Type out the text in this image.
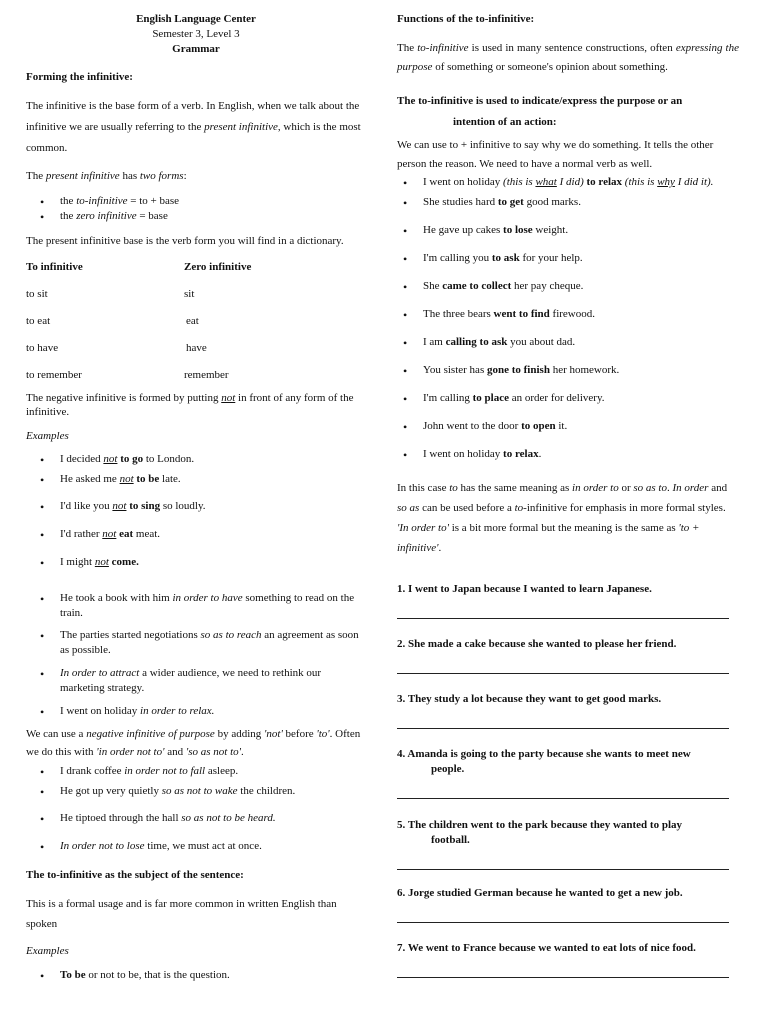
English Language Center

Semester 3, Level 3

Grammar

Forming the infinitive:

The infinitive is the base form of a verb. In English, when we talk about the infinitive we are usually referring to the present infinitive, which is the most common.

The present infinitive has two forms:

• the to-infinitive = to + base
• the zero infinitive = base

The present infinitive base is the verb form you will find in a dictionary.

To infinitive	Zero infinitive
to sit	sit
to eat	eat
to have	have
to remember	remember

The negative infinitive is formed by putting not in front of any form of the infinitive.

Examples

• I decided not to go to London.
• He asked me not to be late.
• I'd like you not to sing so loudly.
• I'd rather not eat meat.
• I might not come.
• He took a book with him in order to have something to read on the train.
• The parties started negotiations so as to reach an agreement as soon as possible.
• In order to attract a wider audience, we need to rethink our marketing strategy.
• I went on holiday in order to relax.

We can use a negative infinitive of purpose by adding 'not' before 'to'. Often we do this with 'in order not to' and 'so as not to'.

• I drank coffee in order not to fall asleep.
• He got up very quietly so as not to wake the children.
• He tiptoed through the hall so as not to be heard.
• In order not to lose time, we must act at once.

The to-infinitive as the subject of the sentence:

This is a formal usage and is far more common in written English than spoken

Examples

• To be or not to be, that is the question.

Functions of the to-infinitive:

The to-infinitive is used in many sentence constructions, often expressing the purpose of something or someone's opinion about something.

The to-infinitive is used to indicate/express the purpose or an

intention of an action:

We can use to + infinitive to say why we do something. It tells the other person the reason. We need to have a normal verb as well.

• I went on holiday (this is what I did) to relax (this is why I did it).
• She studies hard to get good marks.
• He gave up cakes to lose weight.
• I'm calling you to ask for your help.
• She came to collect her pay cheque.
• The three bears went to find firewood.
• I am calling to ask you about dad.
• You sister has gone to finish her homework.
• I'm calling to place an order for delivery.
• John went to the door to open it.
• I went on holiday to relax.

In this case to has the same meaning as in order to or so as to. In order and so as can be used before a to-infinitive for emphasis in more formal styles. 'In order to' is a bit more formal but the meaning is the same as 'to + infinitive'.

1. I went to Japan because I wanted to learn Japanese.

2. She made a cake because she wanted to please her friend.

3. They study a lot because they want to get good marks.

4. Amanda is going to the party because she wants to meet new

people.

5. The children went to the park because they wanted to play

football.

6. Jorge studied German because he wanted to get a new job.

7. We went to France because we wanted to eat lots of nice food.
